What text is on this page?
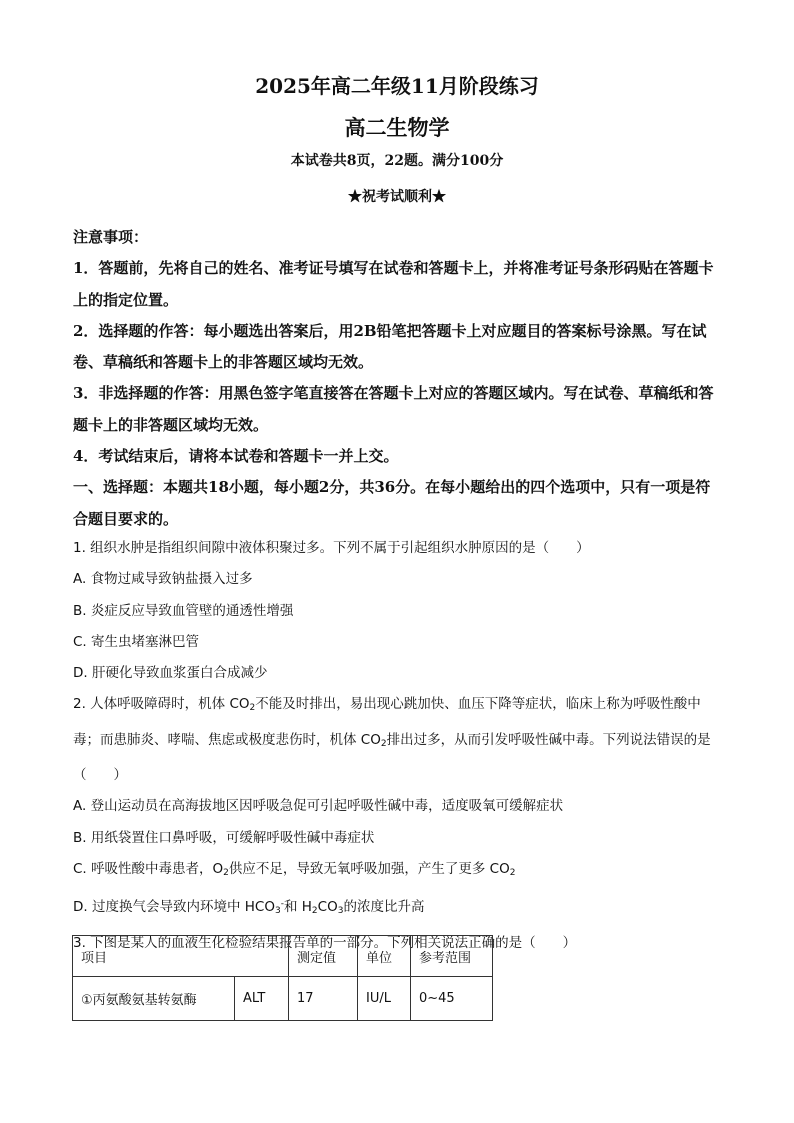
2025年高二年级11月阶段练习
高二生物学
本试卷共8页，22题。满分100分
★祝考试顺利★

注意事项：

1．答题前，先将自己的姓名、准考证号填写在试卷和答题卡上，并将准考证号条形码贴在答题卡上的指定位置。

2．选择题的作答：每小题选出答案后，用2B铅笔把答题卡上对应题目的答案标号涂黑。写在试卷、草稿纸和答题卡上的非答题区域均无效。

3．非选择题的作答：用黑色签字笔直接答在答题卡上对应的答题区域内。写在试卷、草稿纸和答题卡上的非答题区域均无效。

4．考试结束后，请将本试卷和答题卡一并上交。

一、选择题：本题共18小题，每小题2分，共36分。在每小题给出的四个选项中，只有一项是符合题目要求的。

1. 组织水肿是指组织间隙中液体积聚过多。下列不属于引起组织水肿原因的是（　　）

A. 食物过咸导致钠盐摄入过多

B. 炎症反应导致血管壁的通透性增强

C. 寄生虫堵塞淋巴管

D. 肝硬化导致血浆蛋白合成减少

2. 人体呼吸障碍时，机体 $CO_2$不能及时排出，易出现心跳加快、血压下降等症状，临床上称为呼吸性酸中毒；而患肺炎、哮喘、焦虑或极度悲伤时，机体 $CO_2$排出过多，从而引发呼吸性碱中毒。下列说法错误的是（　　）

A. 登山运动员在高海拔地区因呼吸急促可引起呼吸性碱中毒，适度吸氧可缓解症状

B. 用纸袋置住口鼻呼吸，可缓解呼吸性碱中毒症状

C. 呼吸性酸中毒患者，$O_2$供应不足，导致无氧呼吸加强，产生了更多 $CO_2$

D. 过度换气会导致内环境中 $HCO_3^-$和 $H_2CO_3$的浓度比升高

3. 下图是某人的血液生化检验结果报告单的一部分。下列相关说法正确的是（　　）

项目		测定值	单位	参考范围
①丙氨酸氨基转氨酶	ALT	17	IU/L	0~45
